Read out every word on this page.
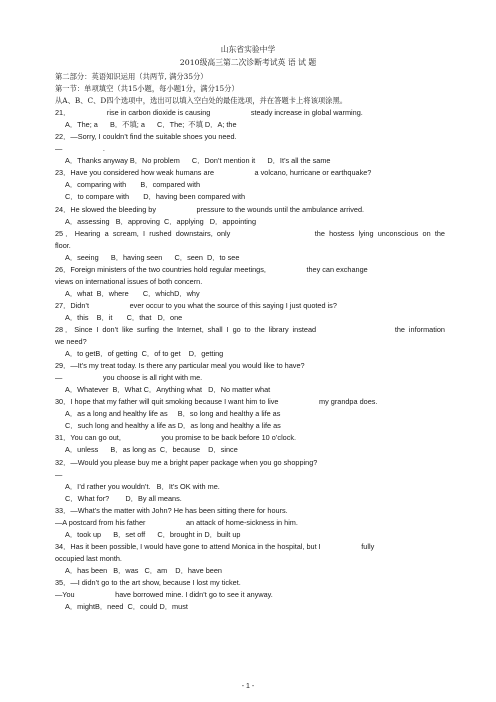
山东省实验中学
2010级高三第二次诊断考试英 语 试 题
第二部分：英语知识运用（共两节, 满分35分）
第一节：单项填空（共15小题，每小题1分，满分15分）
从A、B、C、D四个选项中，选出可以填入空白处的最佳选项，并在答题卡上将该项涂黑。
21．                  rise in carbon dioxide is causing                    steady increase in global warming.
A．The; a      B．不填; a      C．The;  不填 D．A; the
22．—Sorry, I couldn’t find the suitable shoes you need.
—                    .
A．Thanks anyway B．No problem      C．Don’t mention it      D．It’s all the same
23．Have you considered how weak humans are                    a volcano, hurricane or earthquake?
A．comparing with       B．compared with
C．to compare with       D．having been compared with
24．He slowed the bleeding by                    pressure to the wounds until the ambulance arrived.
A．assessing   B．approving  C．applying   D．appointing
25．Hearing a scream, I rushed downstairs, only                    the hostess lying unconscious on the
floor.
A．seeing      B．having seen      C．seen  D．to see
26．Foreign ministers of the two countries hold regular meetings,                    they can exchange
views on international issues of both concern.
A．what  B．where       C．whichD．why
27．Didn’t                    ever occur to you what the source of this saying I just quoted is?
A．this    B．it       C．that   D．one
28．Since I don’t like surfing the Internet, shall I go to the library instead                    the information
we need?
A．to getB．of getting  C．of to get    D．getting
29．—It’s my treat today. Is there any particular meal you would like to have?
—                    you choose is all right with me.
A．Whatever  B．What C．Anything what   D．No matter what
30．I hope that my father will quit smoking because I want him to live                    my grandpa does.
A．as a long and healthy life as     B．so long and healthy a life as
C．such long and healthy a life as D．as long and healthy a life as
31．You can go out,                    you promise to be back before 10 o’clock.
A．unless      B．as long as  C．because    D．since
32．—Would you please buy me a bright paper package when you go shopping?
—
A．I’d rather you wouldn’t.   B．It’s OK with me.
C．What for?        D．By all means.
33．—What’s the matter with John? He has been sitting there for hours.
—A postcard from his father                    an attack of home-sickness in him.
A．took up      B．set off      C．brought in D．built up
34．Has it been possible, I would have gone to attend Monica in the hospital, but I                    fully
occupied last month.
A．has been   B．was   C．am    D．have been
35．—I didn’t go to the art show, because I lost my ticket.
—You                    have borrowed mine. I didn’t go to see it anyway.
A．mightB．need  C．could D．must
- 1 -
